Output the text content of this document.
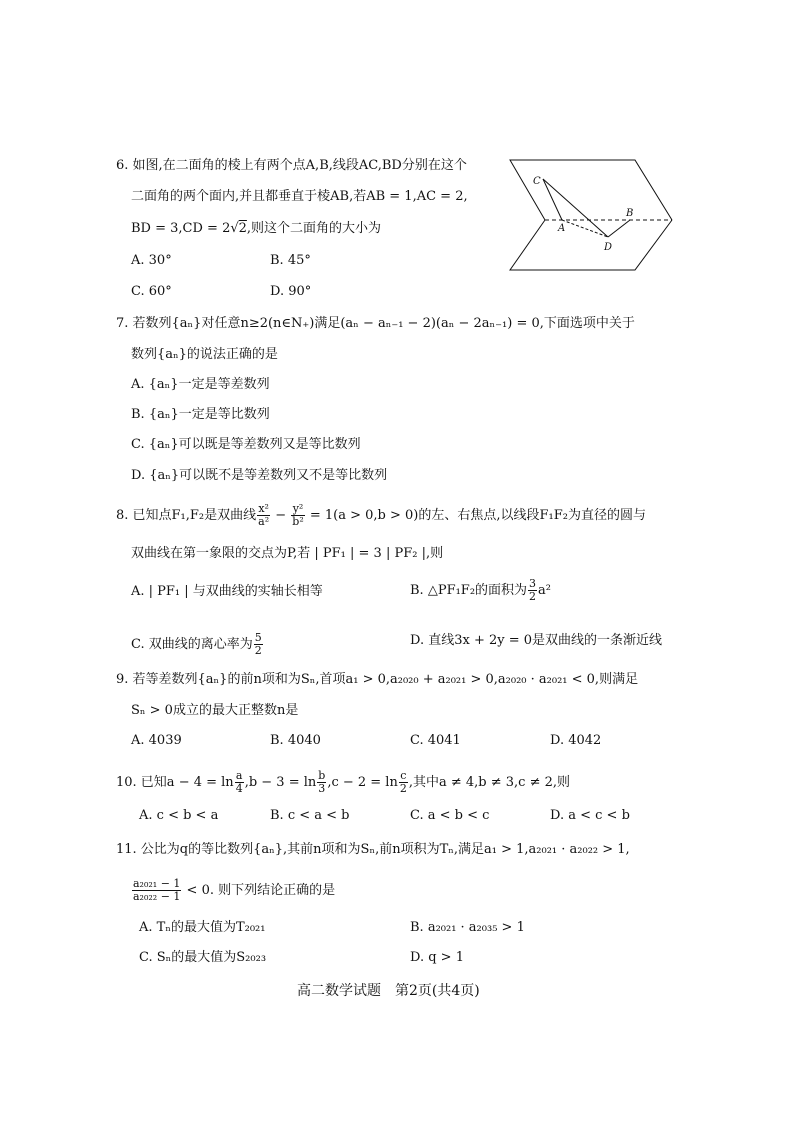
6. 如图,在二面角的棱上有两个点A,B,线段AC,BD分别在这个
二面角的两个面内,并且都垂直于棱AB,若AB = 1,AC = 2,
BD = 3,CD = 2√2,则这个二面角的大小为
A. 30°	B. 45°
C. 60°	D. 90°
C
A
B
D
7. 若数列{aₙ}对任意n≥2(n∈N₊)满足(aₙ − aₙ₋₁ − 2)(aₙ − 2aₙ₋₁) = 0,下面选项中关于
数列{aₙ}的说法正确的是
A. {aₙ}一定是等差数列
B. {aₙ}一定是等比数列
C. {aₙ}可以既是等差数列又是等比数列
D. {aₙ}可以既不是等差数列又不是等比数列
8. 已知点F₁,F₂是双曲线 $\frac{\text{x²}}{\text{a²}} - \frac{\text{y²}}{\text{b²}} = 1(a > 0,b > 0)$的左、右焦点,以线段F₁F₂为直径的圆与
双曲线在第一象限的交点为P,若 | PF₁ | = 3 | PF₂ |,则
A. | PF₁ | 与双曲线的实轴长相等	B. △PF₁F₂的面积为 $\frac{3}{2} a^2$
C. 双曲线的离心率为 $\frac{5}{2}$	D. 直线3x + 2y = 0是双曲线的一条渐近线
9. 若等差数列{aₙ}的前n项和为Sₙ,首项a₁ > 0,a₂₀₂₀ + a₂₀₂₁ > 0,a₂₀₂₀ · a₂₀₂₁ < 0,则满足
Sₙ > 0成立的最大正整数n是
A. 4039	B. 4040	C. 4041	D. 4042
10. 已知$a - 4 = \ln \frac{a}{4} ,b - 3 = \ln \frac{b}{3} ,c - 2 = \ln \frac{c}{2}$ ,其中a ≠ 4,b ≠ 3,c ≠ 2,则
A. c < b < a	B. c < a < b	C. a < b < c	D. a < c < b
11. 公比为q的等比数列{aₙ},其前n项和为Sₙ,前n项积为Tₙ,满足a₁ > 1,a₂₀₂₁ · a₂₀₂₂ > 1,
$\frac{\text{a₂₀₂₁ − 1}}{\text{a₂₀₂₂ − 1}} < 0$. 则下列结论正确的是
A. Tₙ的最大值为T₂₀₂₁	B. a₂₀₂₁ · a₂₀₃₅ > 1
C. Sₙ的最大值为S₂₀₂₃	D. q > 1
高二数学试题　第2页(共4页)
